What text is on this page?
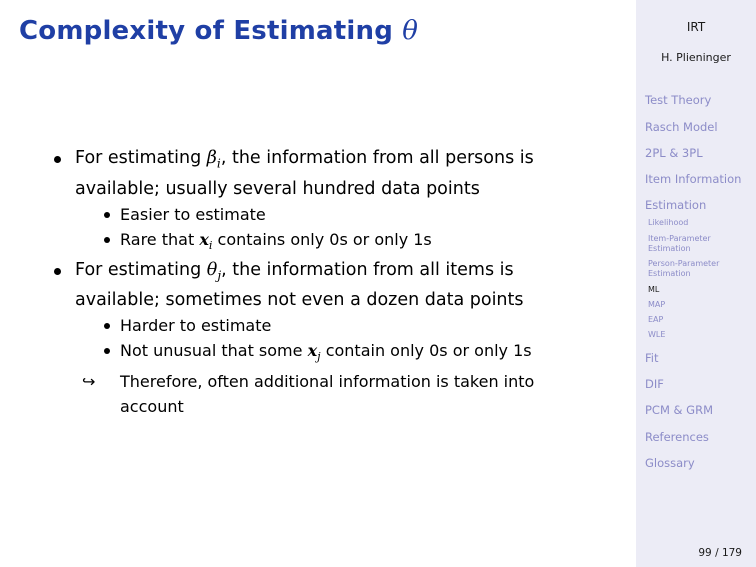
Complexity of Estimating θ
For estimating $\beta_i$, the information from all persons is
available; usually several hundred data points
Easier to estimate
Rare that $x_i$ contains only 0s or only 1s
For estimating $\theta_j$, the information from all items is
available; sometimes not even a dozen data points
Harder to estimate
Not unusual that some $x_j$ contain only 0s or only 1s
↪ Therefore, often additional information is taken into
account
IRT
H. Plieninger
Test Theory
Rasch Model
2PL & 3PL
Item Information
Estimation
Likelihood
Item-Parameter
Estimation
Person-Parameter
Estimation
ML
MAP
EAP
WLE
Fit
DIF
PCM & GRM
References
Glossary
99 / 179
